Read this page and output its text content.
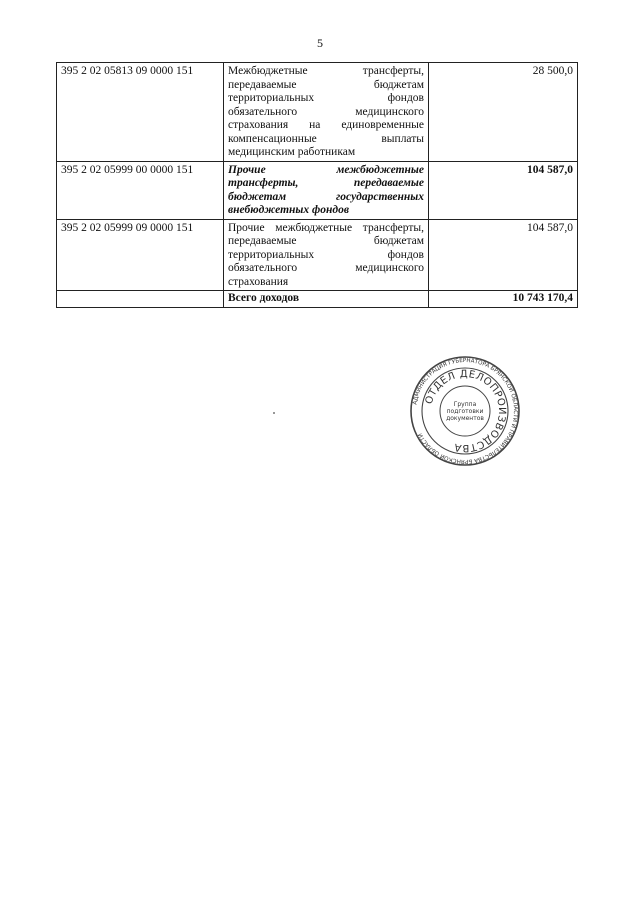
5
395 2 02 05813 09 0000 151	Межбюджетные трансферты, передаваемые бюджетам территориальных фондов обязательного медицинского страхования на единовременные компенсационные выплаты медицинским работникам	28 500,0
395 2 02 05999 00 0000 151	Прочие межбюджетные трансферты, передаваемые бюджетам государственных внебюджетных фондов	104 587,0
395 2 02 05999 09 0000 151	Прочие межбюджетные трансферты, передаваемые бюджетам территориальных фондов обязательного медицинского страхования	104 587,0
	Всего доходов	10 743 170,4
АДМИНИСТРАЦИЯ ГУБЕРНАТОРА БРЯНСКОЙ ОБЛАСТИ И ПРАВИТЕЛЬСТВА БРЯНСКОЙ ОБЛАСТИ
ОТДЕЛ ДЕЛОПРОИЗВОДСТВА
Группа
подготовки
документов
